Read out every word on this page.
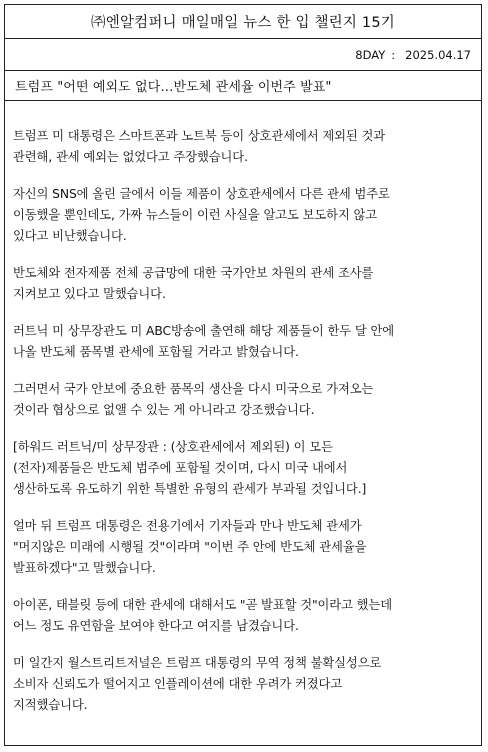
㈜엔알컴퍼니 매일매일 뉴스 한 입 챌린지 15기
8DAY : 2025.04.17
트럼프 "어떤 예외도 없다…반도체 관세율 이번주 발표"

트럼프 미 대통령은 스마트폰과 노트북 등이 상호관세에서 제외된 것과
관련해, 관세 예외는 없었다고 주장했습니다.

자신의 SNS에 올린 글에서 이들 제품이 상호관세에서 다른 관세 범주로
이동했을 뿐인데도, 가짜 뉴스들이 이런 사실을 알고도 보도하지 않고
있다고 비난했습니다.

반도체와 전자제품 전체 공급망에 대한 국가안보 차원의 관세 조사를
지켜보고 있다고 말했습니다.

러트닉 미 상무장관도 미 ABC방송에 출연해 해당 제품들이 한두 달 안에
나올 반도체 품목별 관세에 포함될 거라고 밝혔습니다.

그러면서 국가 안보에 중요한 품목의 생산을 다시 미국으로 가져오는
것이라 협상으로 없앨 수 있는 게 아니라고 강조했습니다.

[하워드 러트닉/미 상무장관 : (상호관세에서 제외된) 이 모든
(전자)제품들은 반도체 범주에 포함될 것이며, 다시 미국 내에서
생산하도록 유도하기 위한 특별한 유형의 관세가 부과될 것입니다.]

얼마 뒤 트럼프 대통령은 전용기에서 기자들과 만나 반도체 관세가
"머지않은 미래에 시행될 것"이라며 "이번 주 안에 반도체 관세율을
발표하겠다"고 말했습니다.

아이폰, 태블릿 등에 대한 관세에 대해서도 "곧 발표할 것"이라고 했는데
어느 정도 유연함을 보여야 한다고 여지를 남겼습니다.

미 일간지 월스트리트저널은 트럼프 대통령의 무역 정책 불확실성으로
소비자 신뢰도가 떨어지고 인플레이션에 대한 우려가 커졌다고
지적했습니다.
